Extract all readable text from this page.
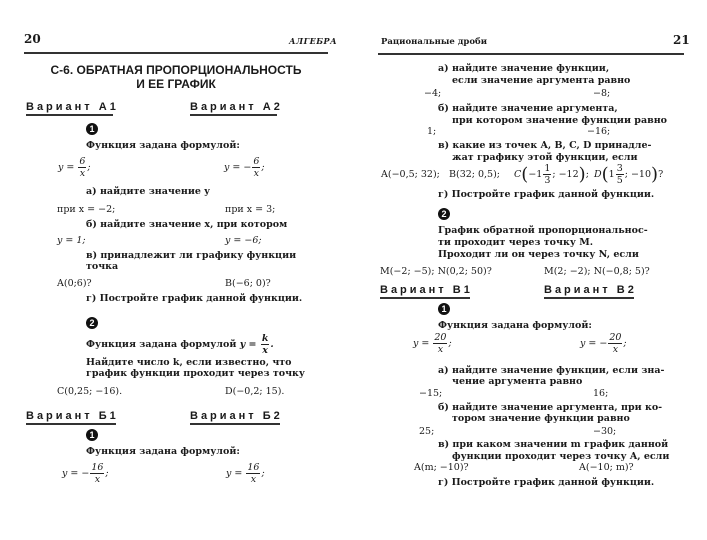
20	АЛГЕБРА
С-6. ОБРАТНАЯ ПРОПОРЦИОНАЛЬНОСТЬ
И ЕЕ ГРАФИК
Вариант А1	Вариант А2
1
Функция задана формулой:
$y = \frac{6}{x}$ ;	y = − $\frac{6}{x}$ ;
а) найдите значение y
при x = −2;	при x = 3;
б) найдите значение x, при котором
y = 1;	y = −6;
в) принадлежит ли графику функции
точка
A(0;6)?	B(−6; 0)?
г) Постройте график данной функции.
2
Функция задана формулой $y = \frac{k}{x}$ .
Найдите число k, если известно, что
график функции проходит через точку
C(0,25; −16).	D(−0,2; 15).
Вариант Б1	Вариант Б2
1
Функция задана формулой:
y = − $\frac{16}{x}$ ;	$y = \frac{16}{x}$ ;
Рациональные дроби	21
а) найдите значение функции,
если значение аргумента равно
−4;	−8;
б) найдите значение аргумента,
при котором значение функции равно
1;	−16;
в) какие из точек A, B, C, D принадле-
жат графику этой функции, если
A(−0,5; 32); B(32; 0,5); $C(-1 \frac{1}{3}$ ; −12); $D(1 \frac{3}{5}$ ; −10)?
г) Постройте график данной функции.
2
График обратной пропорциональнос-
ти проходит через точку M.
Проходит ли он через точку N, если
M(−2; −5); N(0,2; 50)?	M(2; −2); N(−0,8; 5)?
Вариант В1	Вариант В2
1
Функция задана формулой:
$y = \frac{20}{x}$ ;	y = − $\frac{20}{x}$ ;
а) найдите значение функции, если зна-
чение аргумента равно
−15;	16;
б) найдите значение аргумента, при ко-
тором значение функции равно
25;	−30;
в) при каком значении m график данной
функции проходит через точку A, если
A(m; −10)?	A(−10; m)?
г) Постройте график данной функции.
